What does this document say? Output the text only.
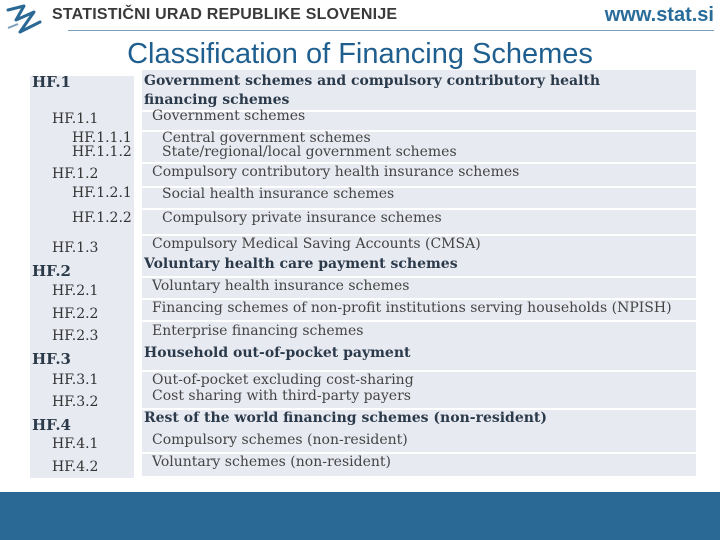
STATISTIČNI URAD REPUBLIKE SLOVENIJE	www.stat.si
Classification of Financing Schemes
HF.1
HF.1.1
HF.1.1.1
HF.1.1.2
HF.1.2
HF.1.2.1
HF.1.2.2
HF.1.3
HF.2
HF.2.1
HF.2.2
HF.2.3
HF.3
HF.3.1
HF.3.2
HF.4
HF.4.1
HF.4.2
Government schemes and compulsory contributory health financing schemes
Government schemes
Central government schemes
State/regional/local government schemes
Compulsory contributory health insurance schemes
Social health insurance schemes
Compulsory private insurance schemes
Compulsory Medical Saving Accounts (CMSA)
Voluntary health care payment schemes
Voluntary health insurance schemes
Financing schemes of non-profit institutions serving households (NPISH)
Enterprise financing schemes
Household out-of-pocket payment
Out-of-pocket excluding cost-sharing
Cost sharing with third-party payers
Rest of the world financing schemes (non-resident)
Compulsory schemes (non-resident)
Voluntary schemes (non-resident)
